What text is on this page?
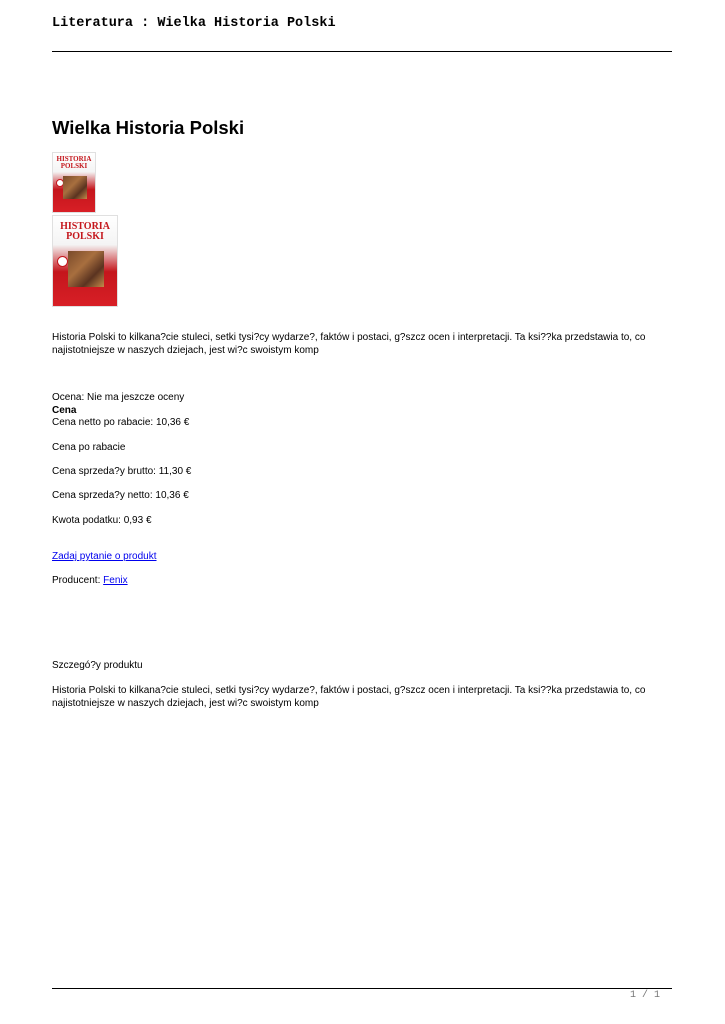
Literatura : Wielka Historia Polski
Wielka Historia Polski
HISTORIA POLSKI
HISTORIA POLSKI
Historia Polski to kilkana?cie stuleci, setki tysi?cy wydarze?, faktów i postaci, g?szcz ocen i interpretacji. Ta ksi??ka przedstawia to, co najistotniejsze w naszych dziejach, jest wi?c swoistym komp
Ocena: Nie ma jeszcze oceny
Cena
Cena netto po rabacie: 10,36 €
Cena po rabacie
Cena sprzeda?y brutto: 11,30 €
Cena sprzeda?y netto: 10,36 €
Kwota podatku: 0,93 €
Zadaj pytanie o produkt
Producent: Fenix
Szczegó?y produktu
Historia Polski to kilkana?cie stuleci, setki tysi?cy wydarze?, faktów i postaci, g?szcz ocen i interpretacji. Ta ksi??ka przedstawia to, co najistotniejsze w naszych dziejach, jest wi?c swoistym komp
1 / 1
